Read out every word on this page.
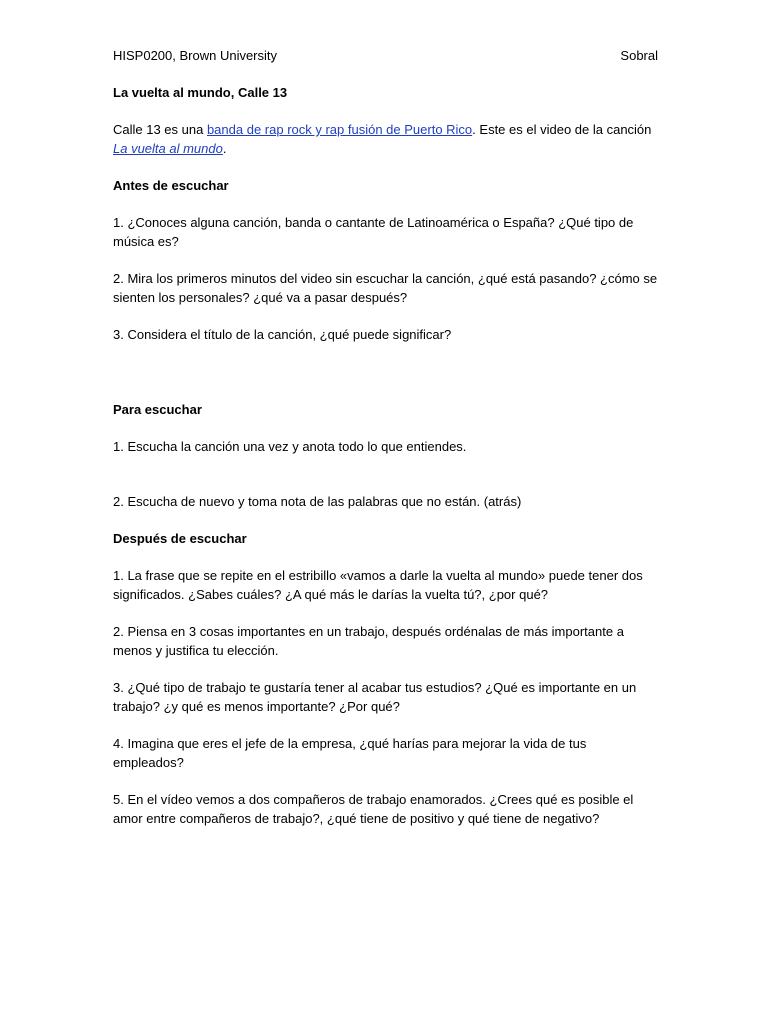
HISP0200, Brown University	Sobral
La vuelta al mundo, Calle 13

Calle 13 es una banda de rap rock y rap fusión de Puerto Rico. Este es el video de la canción La vuelta al mundo.

Antes de escuchar

1. ¿Conoces alguna canción, banda o cantante de Latinoamérica o España? ¿Qué tipo de música es?

2. Mira los primeros minutos del video sin escuchar la canción, ¿qué está pasando? ¿cómo se sienten los personales? ¿qué va a pasar después?

3. Considera el título de la canción, ¿qué puede significar?

Para escuchar

1. Escucha la canción una vez y anota todo lo que entiendes.

2. Escucha de nuevo y toma nota de las palabras que no están. (atrás)

Después de escuchar

1. La frase que se repite en el estribillo «vamos a darle la vuelta al mundo» puede tener dos significados. ¿Sabes cuáles? ¿A qué más le darías la vuelta tú?, ¿por qué?

2. Piensa en 3 cosas importantes en un trabajo, después ordénalas de más importante a menos y justifica tu elección.

3. ¿Qué tipo de trabajo te gustaría tener al acabar tus estudios? ¿Qué es importante en un trabajo? ¿y qué es menos importante? ¿Por qué?

4. Imagina que eres el jefe de la empresa, ¿qué harías para mejorar la vida de tus empleados?

5. En el vídeo vemos a dos compañeros de trabajo enamorados. ¿Crees qué es posible el amor entre compañeros de trabajo?, ¿qué tiene de positivo y qué tiene de negativo?
